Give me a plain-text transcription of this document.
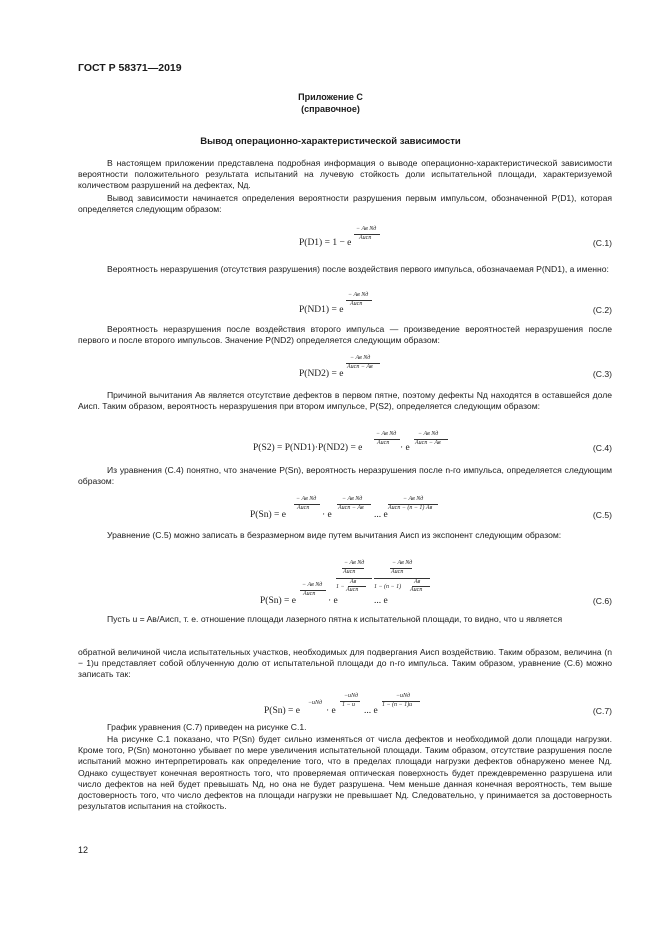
ГОСТ Р 58371—2019
Приложение С
(справочное)
Вывод операционно-характеристической зависимости
В настоящем приложении представлена подробная информация о выводе операционно-характеристической зависимости вероятности положительного результата испытаний на лучевую стойкость доли испытательной площади, характеризуемой количеством разрушений на дефектах, Nд.
Вывод зависимости начинается определения вероятности разрушения первым импульсом, обозначенной P(D1), которая определяется следующим образом:
P(D1) = 1 − e
− Aв Nд
Aисп	(С.1)
Вероятность неразрушения (отсутствия разрушения) после воздействия первого импульса, обозначаемая P(ND1), а именно:
P(ND1) = e
− Aв Nд
Aисп
(С.2)
Вероятность неразрушения после воздействия второго импульса — произведение вероятностей неразрушения после первого и после второго импульсов. Значение P(ND2) определяется следующим образом:
P(ND2) = e
− Aв Nд
Aисп − Aв
(С.3)
Причиной вычитания Aв является отсутствие дефектов в первом пятне, поэтому дефекты Nд находятся в оставшейся доле Aисп. Таким образом, вероятность неразрушения при втором импульсе, P(S2), определяется следующим образом:
P(S2) = P(ND1)·P(ND2) = e
− Aв Nд
Aисп · e
− Aв Nд
Aисп − Aв	(С.4)
Из уравнения (С.4) понятно, что значение P(Sn), вероятность неразрушения после n-го импульса, определяется следующим образом:
P(Sn) = e
− Aв Nд
Aисп
· e
− Aв Nд
Aисп − Aв
... e
− Aв Nд
Aисп − (n − 1) Aв
(С.5)
Уравнение (С.5) можно записать в безразмерном виде путем вычитания Aисп из экспонент следующим образом:
P(Sn) = e
− Aв Nд
Aисп
· e
− Aв Nд
Aисп
1 −
Aв
Aисп
... e
− Aв Nд
Aисп
1 − (n − 1)
Aв
Aисп
(С.6)
Пусть u = Aв/Aисп, т. е. отношение площади лазерного пятна к испытательной площади, то видно, что u является
обратной величиной числа испытательных участков, необходимых для подвергания Aисп воздействию. Таким образом, величина (n − 1)u представляет собой облученную долю от испытательной площади до n-го импульса. Таким образом, уравнение (С.6) можно записать так:
P(Sn) = e
−uNд
· e
−uNд
1 − u
... e
−uNд
1 − (n − 1)u
(С.7)
График уравнения (С.7) приведен на рисунке С.1.
На рисунке С.1 показано, что P(Sn) будет сильно изменяться от числа дефектов и необходимой доли площади нагрузки. Кроме того, P(Sn) монотонно убывает по мере увеличения испытательной площади. Таким образом, отсутствие разрушения после испытаний можно интерпретировать как определение того, что в пределах площади нагрузки дефектов обнаружено менее Nд. Однако существует конечная вероятность того, что проверяемая оптическая поверхность будет преждевременно разрушена или число дефектов на ней будет превышать Nд, но она не будет разрушена. Чем меньше данная конечная вероятность, тем выше достоверность того, что число дефектов на площади нагрузки не превышает Nд. Следовательно, γ принимается за достоверность результатов испытания на стойкость.
12
